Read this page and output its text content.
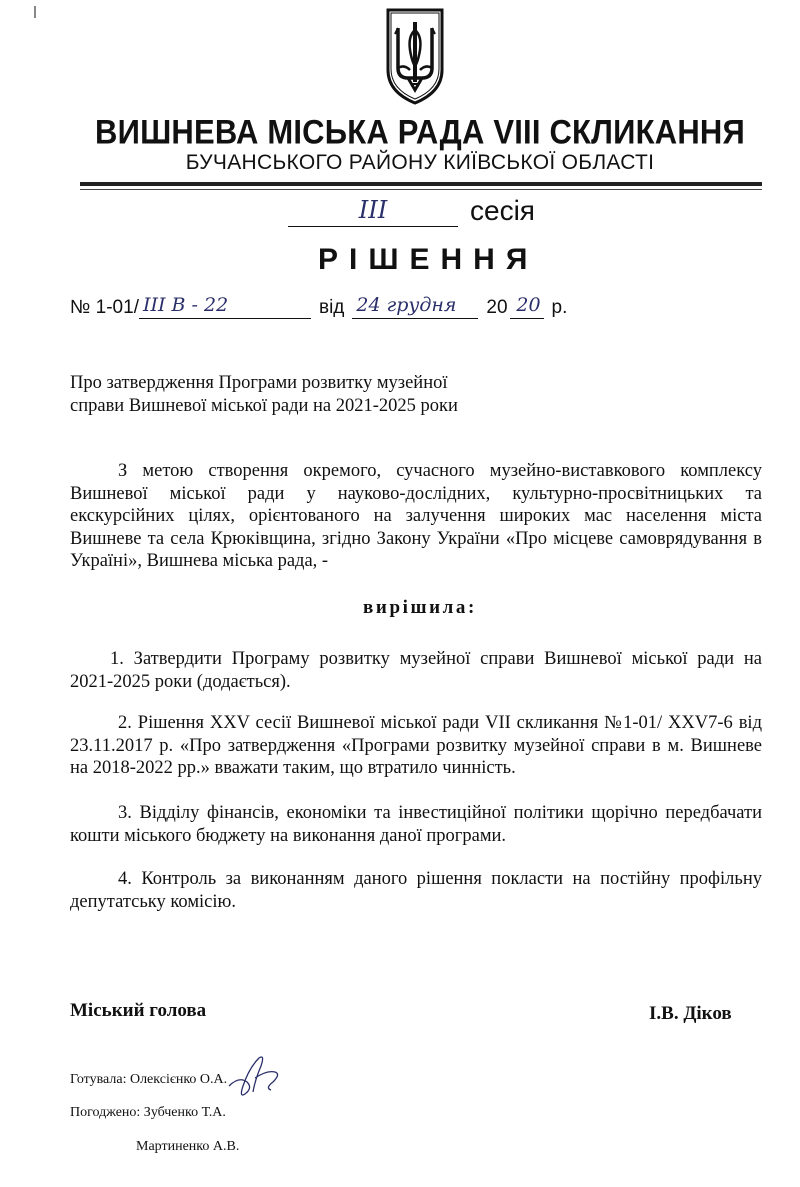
ВИШНЕВА МІСЬКА РАДА VIII СКЛИКАННЯ
БУЧАНСЬКОГО РАЙОНУ КИЇВСЬКОЇ ОБЛАСТІ
ІІІ	сесія
РІШЕННЯ
№ 1-01/ ІІІ В - 22	від 24 грудня 20 20 р.
Про затвердження Програми розвитку музейної
справи Вишневої міської ради на 2021-2025 роки
З метою створення окремого, сучасного музейно-виставкового комплексу Вишневої міської ради у науково-дослідних, культурно-просвітницьких та екскурсійних цілях, орієнтованого на залучення широких мас населення міста Вишневе та села Крюківщина, згідно Закону України «Про місцеве самоврядування в Україні», Вишнева міська рада, -
вирішила:
1. Затвердити Програму розвитку музейної справи Вишневої міської ради на 2021-2025 роки (додається).
2. Рішення XXV сесії Вишневої міської ради VII скликання №1-01/ XXV7-6 від 23.11.2017 р. «Про затвердження «Програми розвитку музейної справи в м. Вишневе на 2018-2022 рр.» вважати таким, що втратило чинність.
3. Відділу фінансів, економіки та інвестиційної політики щорічно передбачати кошти міського бюджету на виконання даної програми.
4. Контроль за виконанням даного рішення покласти на постійну профільну депутатську комісію.
Міський голова	І.В. Діков
Готувала: Олексієнко О.А.
Погоджено: Зубченко Т.А.
Мартиненко А.В.
